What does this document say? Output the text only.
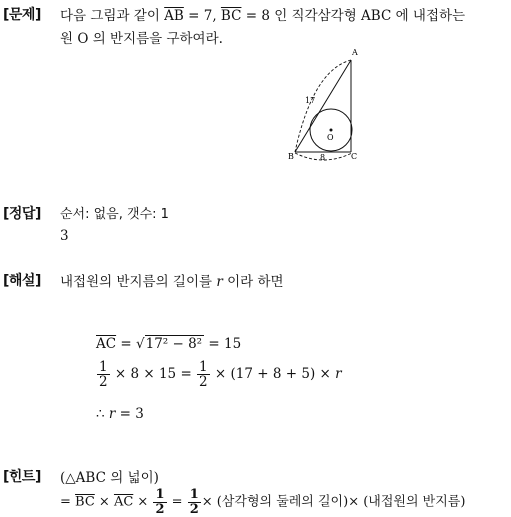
[문제] 다음 그림과 같이 $\overline{AB} = 7$, $\overline{BC} = 8$ 인 직각삼각형 ABC 에 내접하는
원 O 의 반지름을 구하여라.
A
B	C
O
17
8
[정답] 순서: 없음, 갯수: 1
3
[해설] 내접원의 반지름의 길이를 r 이라 하면
$\overline{AC} = √17^2 - 8^2 = 15$
$\frac{1}{2} \times 8 \times 15 = \frac{1}{2} \times (17 + 8 + 5) \times r$
∴ r = 3
[힌트] (△ABC 의 넓이)
= $\overline{BC} \times \overline{AC} \times \frac{1}{2} = \frac{1}{2}$ × (삼각형의 둘레의 길이)× (내접원의 반지름)
